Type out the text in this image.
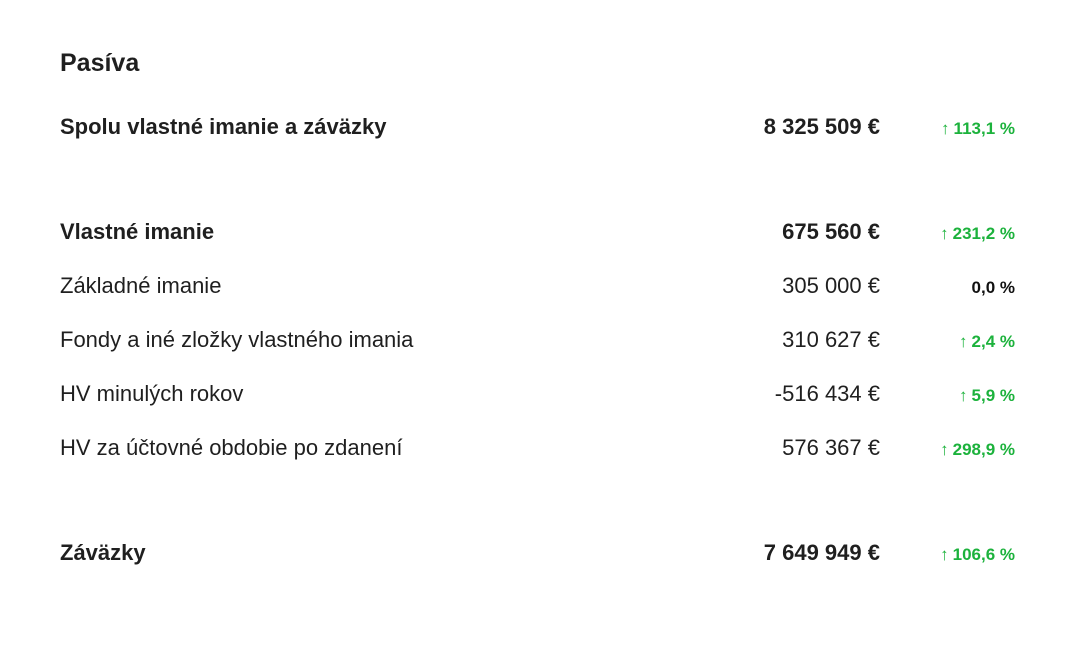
Pasíva
Spolu vlastné imanie a záväzky	8 325 509 €	↑ 113,1 %
Vlastné imanie	675 560 €	↑ 231,2 %
Základné imanie	305 000 €	0,0 %
Fondy a iné zložky vlastného imania	310 627 €	↑ 2,4 %
HV minulých rokov	-516 434 €	↑ 5,9 %
HV za účtovné obdobie po zdanení	576 367 €	↑ 298,9 %
Záväzky	7 649 949 €	↑ 106,6 %
